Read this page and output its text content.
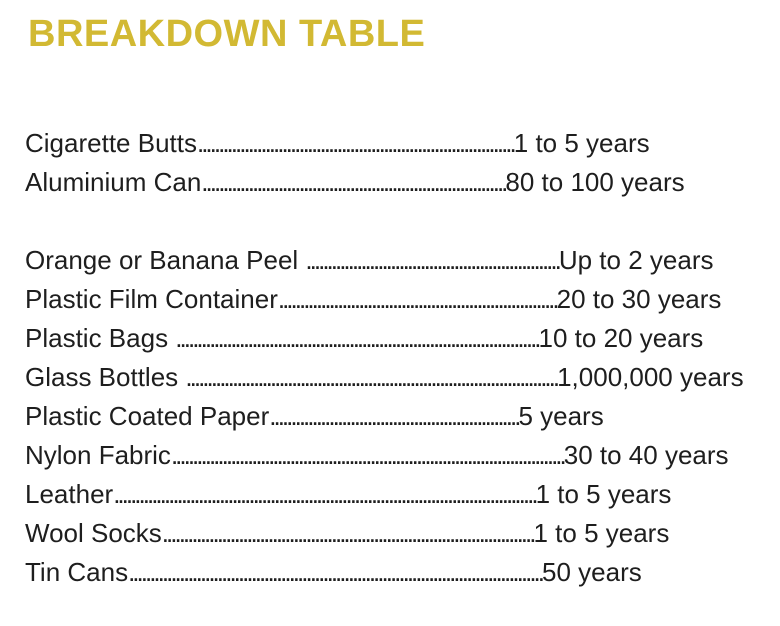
BREAKDOWN TABLE
Cigarette Butts...........................................................................1 to 5 years
Aluminium Can........................................................................80 to 100 years
Orange or Banana Peel ............................................................Up to 2 years
Plastic Film Container..................................................................20 to 30 years
Plastic Bags ......................................................................................10 to 20 years
Glass Bottles ........................................................................................1,000,000 years
Plastic Coated Paper...........................................................5 years
Nylon Fabric.............................................................................................30 to 40 years
Leather....................................................................................................1 to 5 years
Wool Socks........................................................................................1 to 5 years
Tin Cans..................................................................................................50 years
